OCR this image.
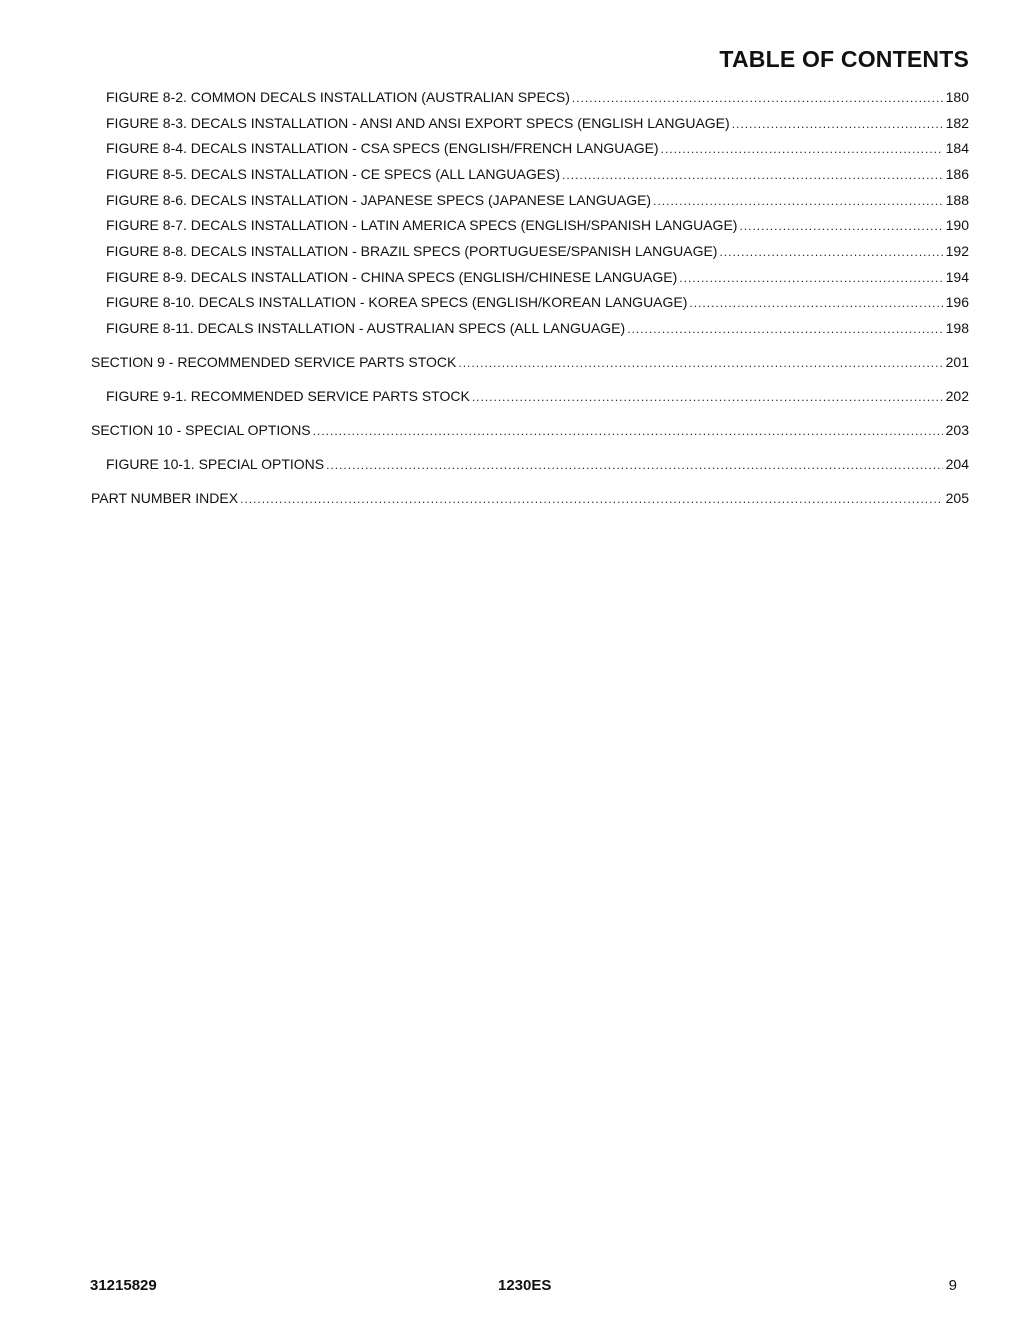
TABLE OF CONTENTS
FIGURE 8-2. COMMON DECALS INSTALLATION (AUSTRALIAN SPECS) .....	180
FIGURE 8-3. DECALS INSTALLATION - ANSI AND ANSI EXPORT SPECS (ENGLISH LANGUAGE) .....	182
FIGURE 8-4. DECALS INSTALLATION - CSA SPECS (ENGLISH/FRENCH LANGUAGE) .....	184
FIGURE 8-5. DECALS INSTALLATION - CE SPECS (ALL LANGUAGES) .....	186
FIGURE 8-6. DECALS INSTALLATION - JAPANESE SPECS (JAPANESE LANGUAGE) .....	188
FIGURE 8-7. DECALS INSTALLATION - LATIN AMERICA SPECS (ENGLISH/SPANISH LANGUAGE) .....	190
FIGURE 8-8. DECALS INSTALLATION - BRAZIL SPECS (PORTUGUESE/SPANISH LANGUAGE) .....	192
FIGURE 8-9. DECALS INSTALLATION - CHINA SPECS (ENGLISH/CHINESE LANGUAGE) .....	194
FIGURE 8-10. DECALS INSTALLATION - KOREA SPECS (ENGLISH/KOREAN LANGUAGE) .....	196
FIGURE 8-11. DECALS INSTALLATION - AUSTRALIAN SPECS (ALL LANGUAGE) .....	198
SECTION 9 - RECOMMENDED SERVICE PARTS STOCK .....	201
FIGURE 9-1. RECOMMENDED SERVICE PARTS STOCK .....	202
SECTION 10 - SPECIAL OPTIONS .....	203
FIGURE 10-1. SPECIAL OPTIONS .....	204
PART NUMBER INDEX .....	205
31215829	1230ES	9
